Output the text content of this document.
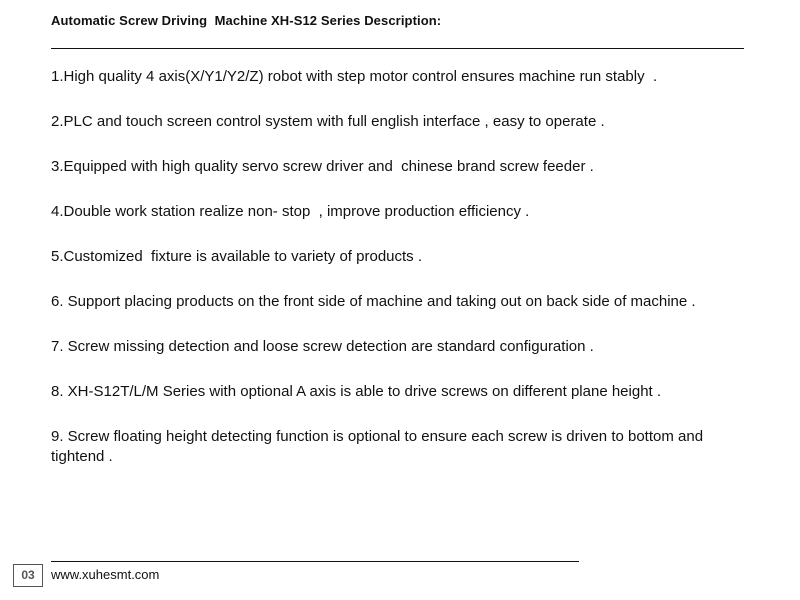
Automatic Screw Driving  Machine XH-S12 Series Description:
1.High quality 4 axis(X/Y1/Y2/Z) robot with step motor control ensures machine run stably  .
2.PLC and touch screen control system with full english interface , easy to operate .
3.Equipped with high quality servo screw driver and  chinese brand screw feeder .
4.Double work station realize non- stop  , improve production efficiency .
5.Customized  fixture is available to variety of products .
6. Support placing products on the front side of machine and taking out on back side of machine .
7. Screw missing detection and loose screw detection are standard configuration .
8. XH-S12T/L/M Series with optional A axis is able to drive screws on different plane height .
9. Screw floating height detecting function is optional to ensure each screw is driven to bottom and tightend .
03	www.xuhesmt.com
